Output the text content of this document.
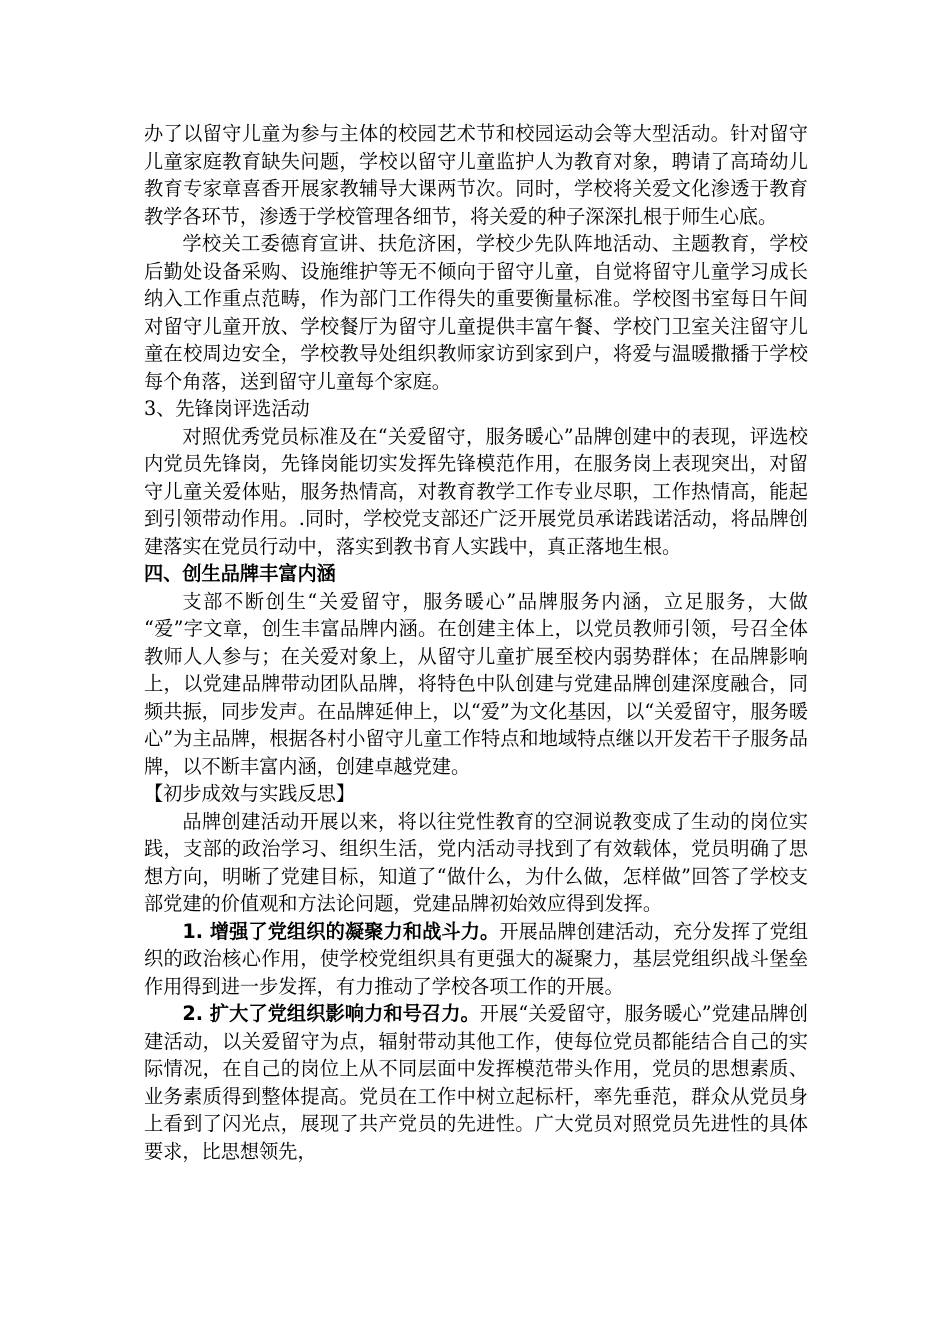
办了以留守儿童为参与主体的校园艺术节和校园运动会等大型活动。针对留守儿童家庭教育缺失问题，学校以留守儿童监护人为教育对象，聘请了高琦幼儿教育专家章喜香开展家教辅导大课两节次。同时，学校将关爱文化渗透于教育教学各环节，渗透于学校管理各细节，将关爱的种子深深扎根于师生心底。

学校关工委德育宣讲、扶危济困，学校少先队阵地活动、主题教育，学校后勤处设备采购、设施维护等无不倾向于留守儿童，自觉将留守儿童学习成长纳入工作重点范畴，作为部门工作得失的重要衡量标准。学校图书室每日午间对留守儿童开放、学校餐厅为留守儿童提供丰富午餐、学校门卫室关注留守儿童在校周边安全，学校教导处组织教师家访到家到户，将爱与温暖撒播于学校每个角落，送到留守儿童每个家庭。

3、先锋岗评选活动

对照优秀党员标准及在“关爱留守，服务暖心”品牌创建中的表现，评选校内党员先锋岗，先锋岗能切实发挥先锋模范作用，在服务岗上表现突出，对留守儿童关爱体贴，服务热情高，对教育教学工作专业尽职，工作热情高，能起到引领带动作用。.同时，学校党支部还广泛开展党员承诺践诺活动，将品牌创建落实在党员行动中，落实到教书育人实践中，真正落地生根。

四、创生品牌丰富内涵

支部不断创生“关爱留守，服务暖心”品牌服务内涵，立足服务，大做 “爱”字文章，创生丰富品牌内涵。在创建主体上，以党员教师引领，号召全体教师人人参与；在关爱对象上，从留守儿童扩展至校内弱势群体；在品牌影响上，以党建品牌带动团队品牌，将特色中队创建与党建品牌创建深度融合，同频共振，同步发声。在品牌延伸上，以“爱”为文化基因，以“关爱留守，服务暖心”为主品牌，根据各村小留守儿童工作特点和地域特点继以开发若干子服务品牌，以不断丰富内涵，创建卓越党建。

【初步成效与实践反思】

品牌创建活动开展以来，将以往党性教育的空洞说教变成了生动的岗位实践，支部的政治学习、组织生活，党内活动寻找到了有效载体，党员明确了思想方向，明晰了党建目标，知道了“做什么，为什么做，怎样做”回答了学校支部党建的价值观和方法论问题，党建品牌初始效应得到发挥。

1. 增强了党组织的凝聚力和战斗力。开展品牌创建活动，充分发挥了党组织的政治核心作用，使学校党组织具有更强大的凝聚力，基层党组织战斗堡垒作用得到进一步发挥，有力推动了学校各项工作的开展。

2. 扩大了党组织影响力和号召力。开展“关爱留守，服务暖心”党建品牌创建活动，以关爱留守为点，辐射带动其他工作，使每位党员都能结合自己的实际情况，在自己的岗位上从不同层面中发挥模范带头作用，党员的思想素质、业务素质得到整体提高。党员在工作中树立起标杆，率先垂范，群众从党员身上看到了闪光点，展现了共产党员的先进性。广大党员对照党员先进性的具体要求，比思想领先，
